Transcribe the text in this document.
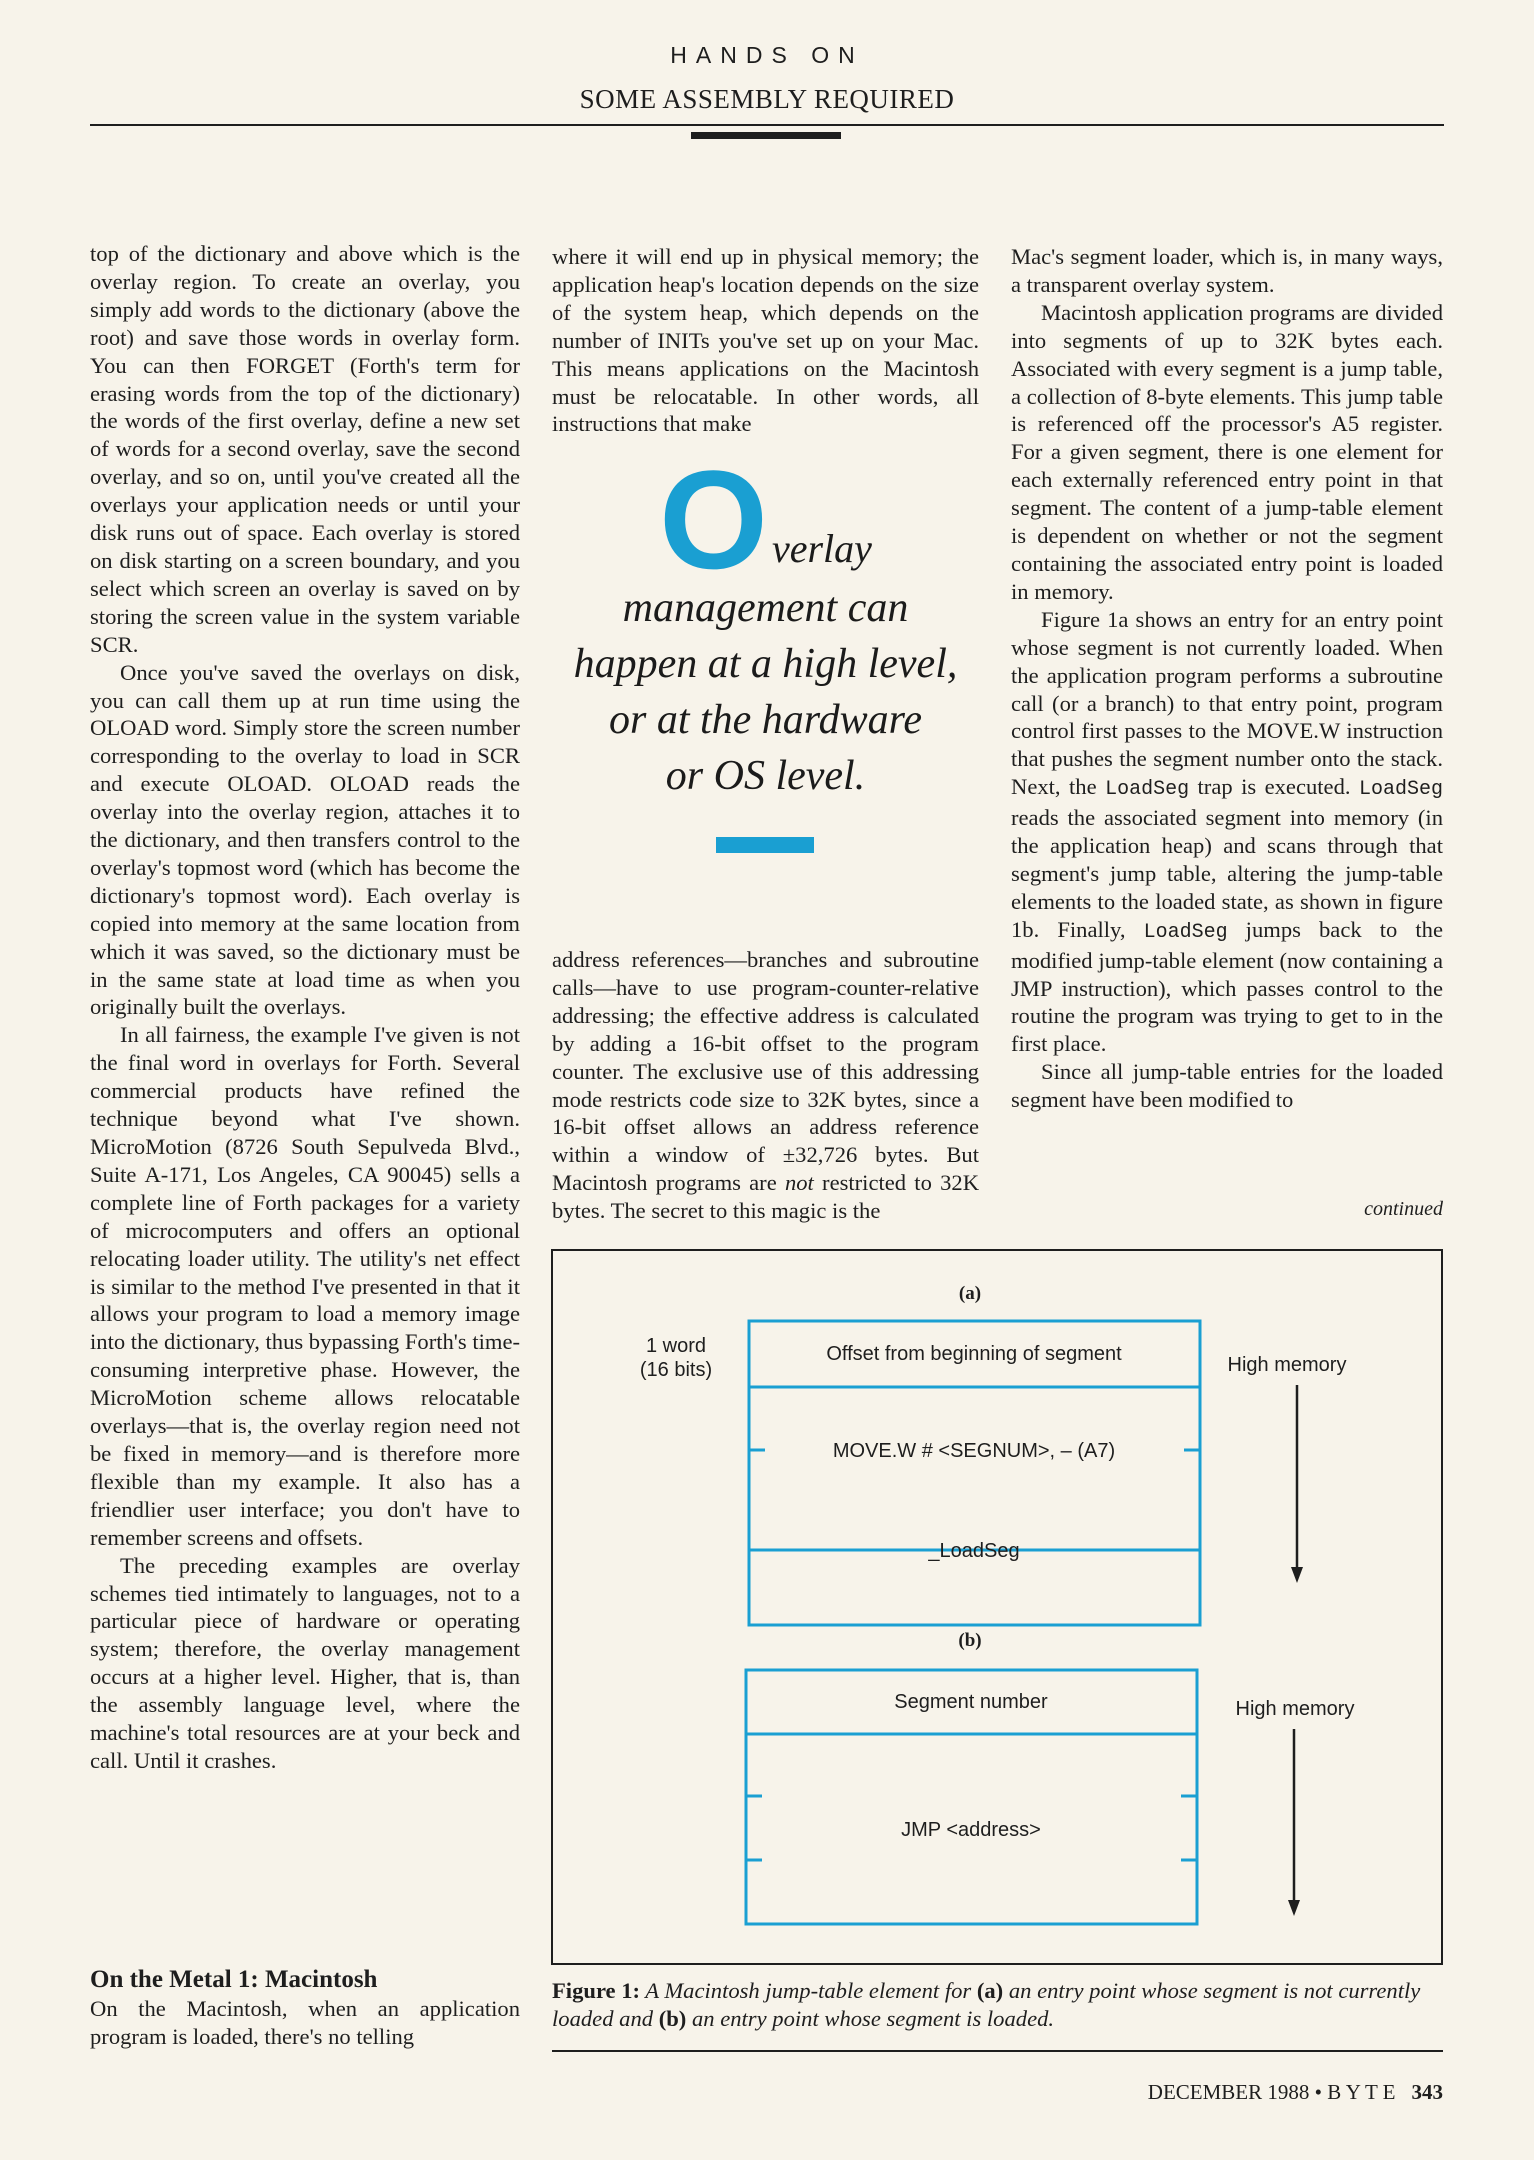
HANDS ON
SOME ASSEMBLY REQUIRED

top of the dictionary and above which is the overlay region. To create an overlay, you simply add words to the dictionary (above the root) and save those words in overlay form. You can then FORGET (Forth's term for erasing words from the top of the dictionary) the words of the first overlay, define a new set of words for a second overlay, save the second overlay, and so on, until you've created all the overlays your application needs or until your disk runs out of space. Each overlay is stored on disk starting on a screen boundary, and you select which screen an overlay is saved on by storing the screen value in the system variable SCR.

Once you've saved the overlays on disk, you can call them up at run time using the OLOAD word. Simply store the screen number corresponding to the overlay to load in SCR and execute OLOAD. OLOAD reads the overlay into the overlay region, attaches it to the dictionary, and then transfers control to the overlay's topmost word (which has become the dictionary's topmost word). Each overlay is copied into memory at the same location from which it was saved, so the dictionary must be in the same state at load time as when you originally built the overlays.

In all fairness, the example I've given is not the final word in overlays for Forth. Several commercial products have refined the technique beyond what I've shown. MicroMotion (8726 South Sepulveda Blvd., Suite A-171, Los Angeles, CA 90045) sells a complete line of Forth packages for a variety of microcomputers and offers an optional relocating loader utility. The utility's net effect is similar to the method I've presented in that it allows your program to load a memory image into the dictionary, thus bypassing Forth's time-consuming interpretive phase. However, the MicroMotion scheme allows relocatable overlays—that is, the overlay region need not be fixed in memory—and is therefore more flexible than my example. It also has a friendlier user interface; you don't have to remember screens and offsets.

The preceding examples are overlay schemes tied intimately to languages, not to a particular piece of hardware or operating system; therefore, the overlay management occurs at a higher level. Higher, that is, than the assembly language level, where the machine's total resources are at your beck and call. Until it crashes.

On the Metal 1: Macintosh

On the Macintosh, when an application program is loaded, there's no telling

where it will end up in physical memory; the application heap's location depends on the size of the system heap, which depends on the number of INITs you've set up on your Mac. This means applications on the Macintosh must be relocatable. In other words, all instructions that make

Overlay
management can
happen at a high level,
or at the hardware
or OS level.

address references—branches and subroutine calls—have to use program-counter-relative addressing; the effective address is calculated by adding a 16-bit offset to the program counter. The exclusive use of this addressing mode restricts code size to 32K bytes, since a 16-bit offset allows an address reference within a window of ±32,726 bytes. But Macintosh programs are not restricted to 32K bytes. The secret to this magic is the

Mac's segment loader, which is, in many ways, a transparent overlay system.

Macintosh application programs are divided into segments of up to 32K bytes each. Associated with every segment is a jump table, a collection of 8-byte elements. This jump table is referenced off the processor's A5 register. For a given segment, there is one element for each externally referenced entry point in that segment. The content of a jump-table element is dependent on whether or not the segment containing the associated entry point is loaded in memory.

Figure 1a shows an entry for an entry point whose segment is not currently loaded. When the application program performs a subroutine call (or a branch) to that entry point, program control first passes to the MOVE.W instruction that pushes the segment number onto the stack. Next, the LoadSeg trap is executed. LoadSeg reads the associated segment into memory (in the application heap) and scans through that segment's jump table, altering the jump-table elements to the loaded state, as shown in figure 1b. Finally, LoadSeg jumps back to the modified jump-table element (now containing a JMP instruction), which passes control to the routine the program was trying to get to in the first place.

Since all jump-table entries for the loaded segment have been modified to

continued
(a)
1 word
(16 bits)
Offset from beginning of segment
MOVE.W # <SEGNUM>, – (A7)
_LoadSeg
High memory
(b)
Segment number
JMP <address>
High memory
Figure 1: A Macintosh jump-table element for (a) an entry point whose segment is not currently loaded and (b) an entry point whose segment is loaded.
DECEMBER 1988 • B Y T E 343
